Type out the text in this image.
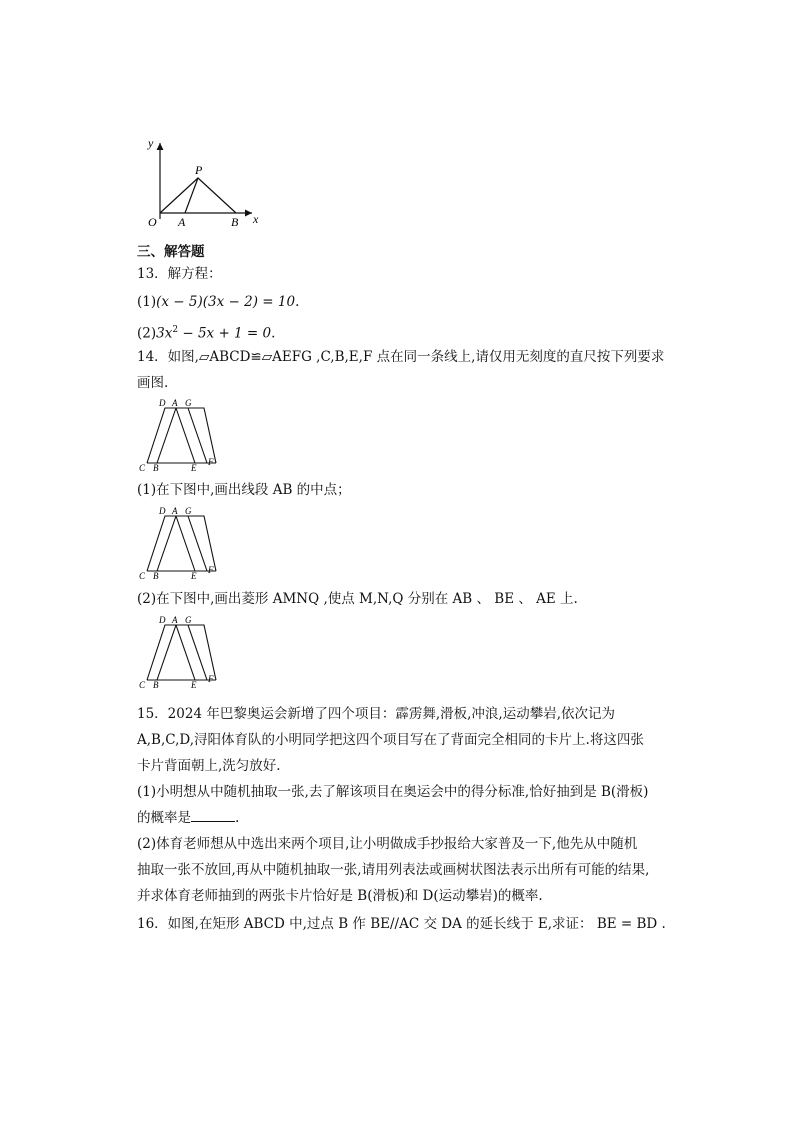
y
x
O
P
A	B
三、解答题
13．解方程：
(1)(x − 5)(3x − 2) = 10.
$(2)3x^2 - 5x + 1 = 0$.
14．如图,▱ABCD≌▱AEFG ,C,B,E,F 点在同一条线上,请仅用无刻度的直尺按下列要求
画图.
D A G
C B	E
F
(1)在下图中,画出线段 AB 的中点；
D A G
C B	E
F
(2)在下图中,画出菱形 AMNQ ,使点 M,N,Q 分别在 AB 、 BE 、 AE 上.
D A G
C B	E
F
15．2024 年巴黎奥运会新增了四个项目：霹雳舞,滑板,冲浪,运动攀岩,依次记为
A,B,C,D,浔阳体育队的小明同学把这四个项目写在了背面完全相同的卡片上.将这四张
卡片背面朝上,洗匀放好.
(1)小明想从中随机抽取一张,去了解该项目在奥运会中的得分标准,恰好抽到是 B(滑板)
的概率是	.
(2)体育老师想从中选出来两个项目,让小明做成手抄报给大家普及一下,他先从中随机
抽取一张不放回,再从中随机抽取一张,请用列表法或画树状图法表示出所有可能的结果,
并求体育老师抽到的两张卡片恰好是 B(滑板)和 D(运动攀岩)的概率.
16．如图,在矩形 ABCD 中,过点 B 作 BE//AC 交 DA 的延长线于 E,求证： BE = BD .
